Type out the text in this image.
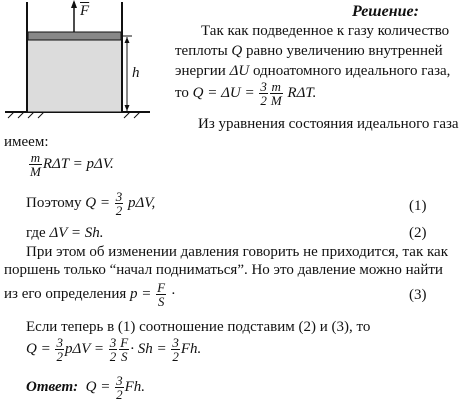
$\overline{F}$
h
Решение:
Так как подведенное к газу количество
теплоты Q равно увеличению внутренней
энергии ΔU одноатомного идеального газа,
то $Q = \Delta U = \frac{3}{2} \frac{m}{M} R\Delta T$.
Из уравнения состояния идеального газа
имеем:
$\frac{m}{M}$ RΔT = pΔV.
Поэтому $Q = \frac{3}{2} p\Delta V$,	(1)
где ΔV = Sh.	(2)
При этом об изменении давления говорить не приходится, так как
поршень только “начал подниматься”. Но это давление можно найти
из его определения $p = \frac{F}{S}$ ·	(3)
Если теперь в (1) соотношение подставим (2) и (3), то
$Q = \frac{3}{2}$ $p\Delta V = \frac{3}{2} \frac{F}{S} \cdot Sh = \frac{3}{2} Fh$.
Ответ: $Q = \frac{3}{2} Fh$.
